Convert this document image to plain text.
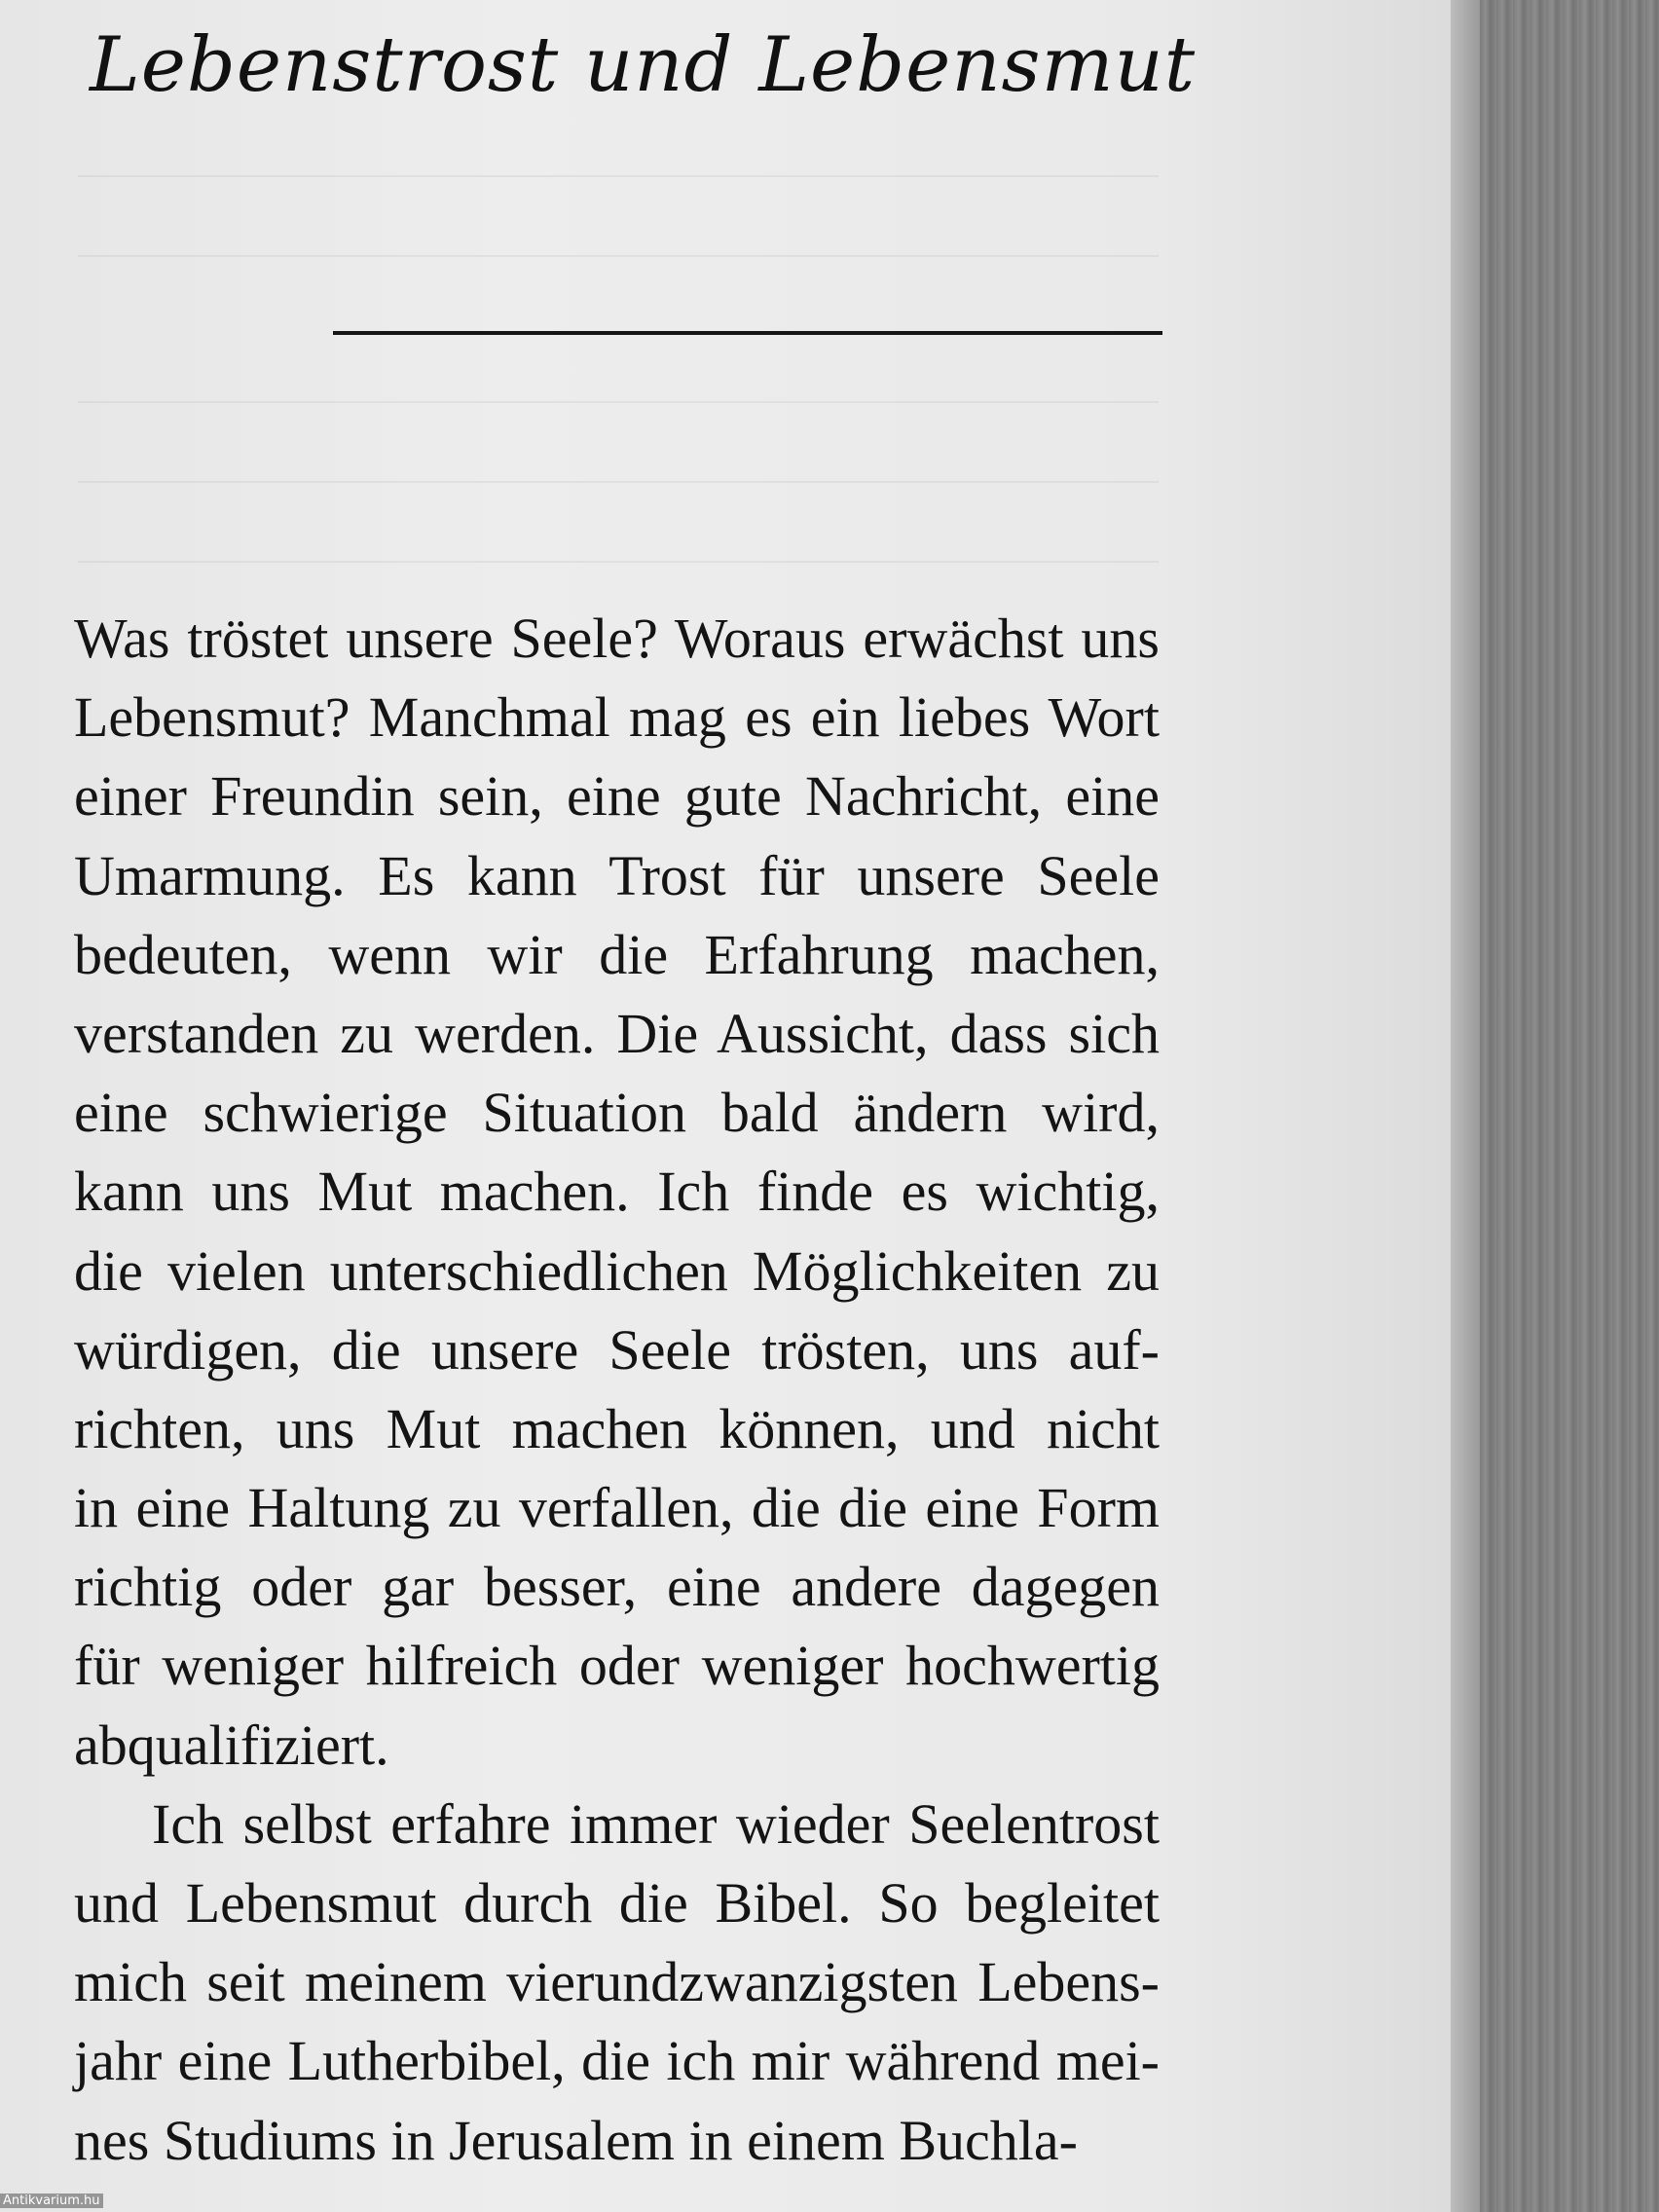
Lebenstrost und Lebensmut
Was tröstet unsere Seele? Woraus erwächst uns
Lebensmut? Manchmal mag es ein liebes Wort
einer Freundin sein, eine gute Nachricht, eine
Umarmung. Es kann Trost für unsere Seele
bedeuten, wenn wir die Erfahrung machen,
verstanden zu werden. Die Aussicht, dass sich
eine schwierige Situation bald ändern wird,
kann uns Mut machen. Ich finde es wichtig,
die vielen unterschiedlichen Möglichkeiten zu
würdigen, die unsere Seele trösten, uns auf-
richten, uns Mut machen können, und nicht
in eine Haltung zu verfallen, die die eine Form
richtig oder gar besser, eine andere dagegen
für weniger hilfreich oder weniger hochwertig
abqualifiziert.
Ich selbst erfahre immer wieder Seelentrost
und Lebensmut durch die Bibel. So begleitet
mich seit meinem vierundzwanzigsten Lebens-
jahr eine Lutherbibel, die ich mir während mei-
nes Studiums in Jerusalem in einem Buchla-
Antikvarium.hu
